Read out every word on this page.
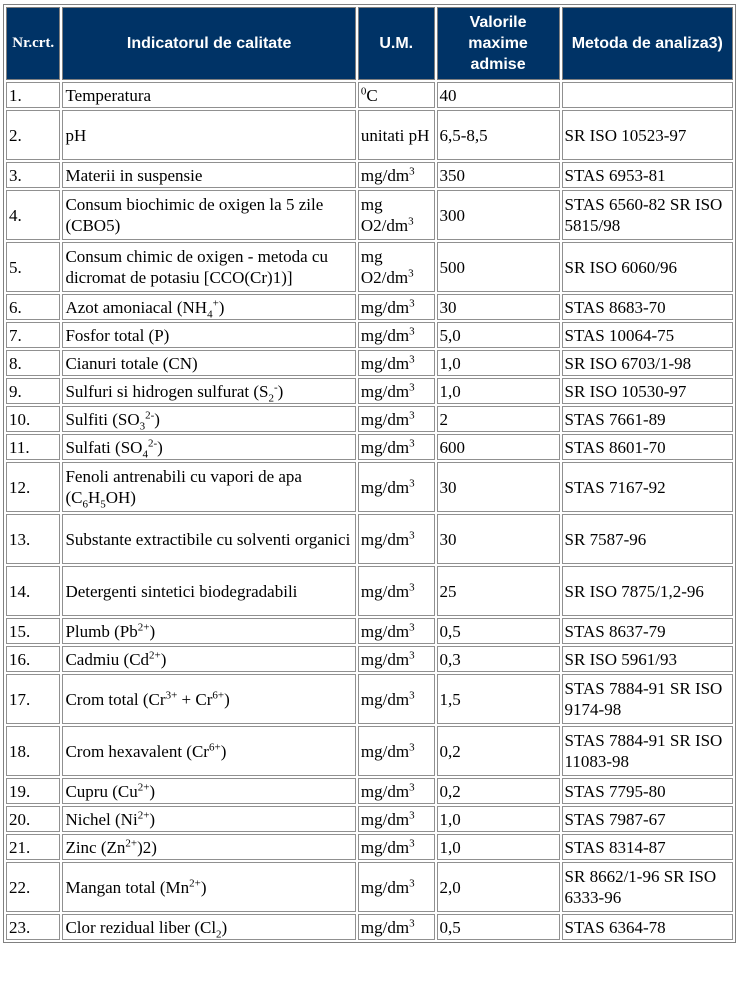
Nr.crt.	Indicatorul de calitate	U.M.	Valorile maxime admise	Metoda de analiza3)
1.	Temperatura	$^0$C	40	
2.	pH	unitati pH	6,5-8,5	SR ISO 10523-97
3.	Materii in suspensie	$mg/dm^3$	350	STAS 6953-81
4.	Consum biochimic de oxigen la 5 zile (CBO5)	mg $O2/dm^3$	300	STAS 6560-82 SR ISO 5815/98
5.	Consum chimic de oxigen - metoda cu dicromat de potasiu [CCO(Cr)1)]	mg $O2/dm^3$	500	SR ISO 6060/96
6.	Azot amoniacal $(NH_4^+)$	$mg/dm^3$	30	STAS 8683-70
7.	Fosfor total (P)	$mg/dm^3$	5,0	STAS 10064-75
8.	Cianuri totale (CN)	$mg/dm^3$	1,0	SR ISO 6703/1-98
9.	Sulfuri si hidrogen sulfurat $(S_2^-)$	$mg/dm^3$	1,0	SR ISO 10530-97
10.	Sulfiti $(SO_3^{2-})$	$mg/dm^3$	2	STAS 7661-89
11.	Sulfati $(SO_4^{2-})$	$mg/dm^3$	600	STAS 8601-70
12.	Fenoli antrenabili cu vapori de apa $(C_6H_5OH)$	$mg/dm^3$	30	STAS 7167-92
13.	Substante extractibile cu solventi organici	$mg/dm^3$	30	SR 7587-96
14.	Detergenti sintetici biodegradabili	$mg/dm^3$	25	SR ISO 7875/1,2-96
15.	Plumb $(Pb^{2+})$	$mg/dm^3$	0,5	STAS 8637-79
16.	Cadmiu $(Cd^{2+})$	$mg/dm^3$	0,3	SR ISO 5961/93
17.	Crom total $(Cr^{3+} + Cr^{6+})$	$mg/dm^3$	1,5	STAS 7884-91 SR ISO 9174-98
18.	Crom hexavalent $(Cr^{6+})$	$mg/dm^3$	0,2	STAS 7884-91 SR ISO 11083-98
19.	Cupru $(Cu^{2+})$	$mg/dm^3$	0,2	STAS 7795-80
20.	Nichel $(Ni^{2+})$	$mg/dm^3$	1,0	STAS 7987-67
21.	Zinc $(Zn^{2+})2$)	$mg/dm^3$	1,0	STAS 8314-87
22.	Mangan total $(Mn^{2+})$	$mg/dm^3$	2,0	SR 8662/1-96 SR ISO 6333-96
23.	Clor rezidual liber $(Cl_2)$	$mg/dm^3$	0,5	STAS 6364-78
